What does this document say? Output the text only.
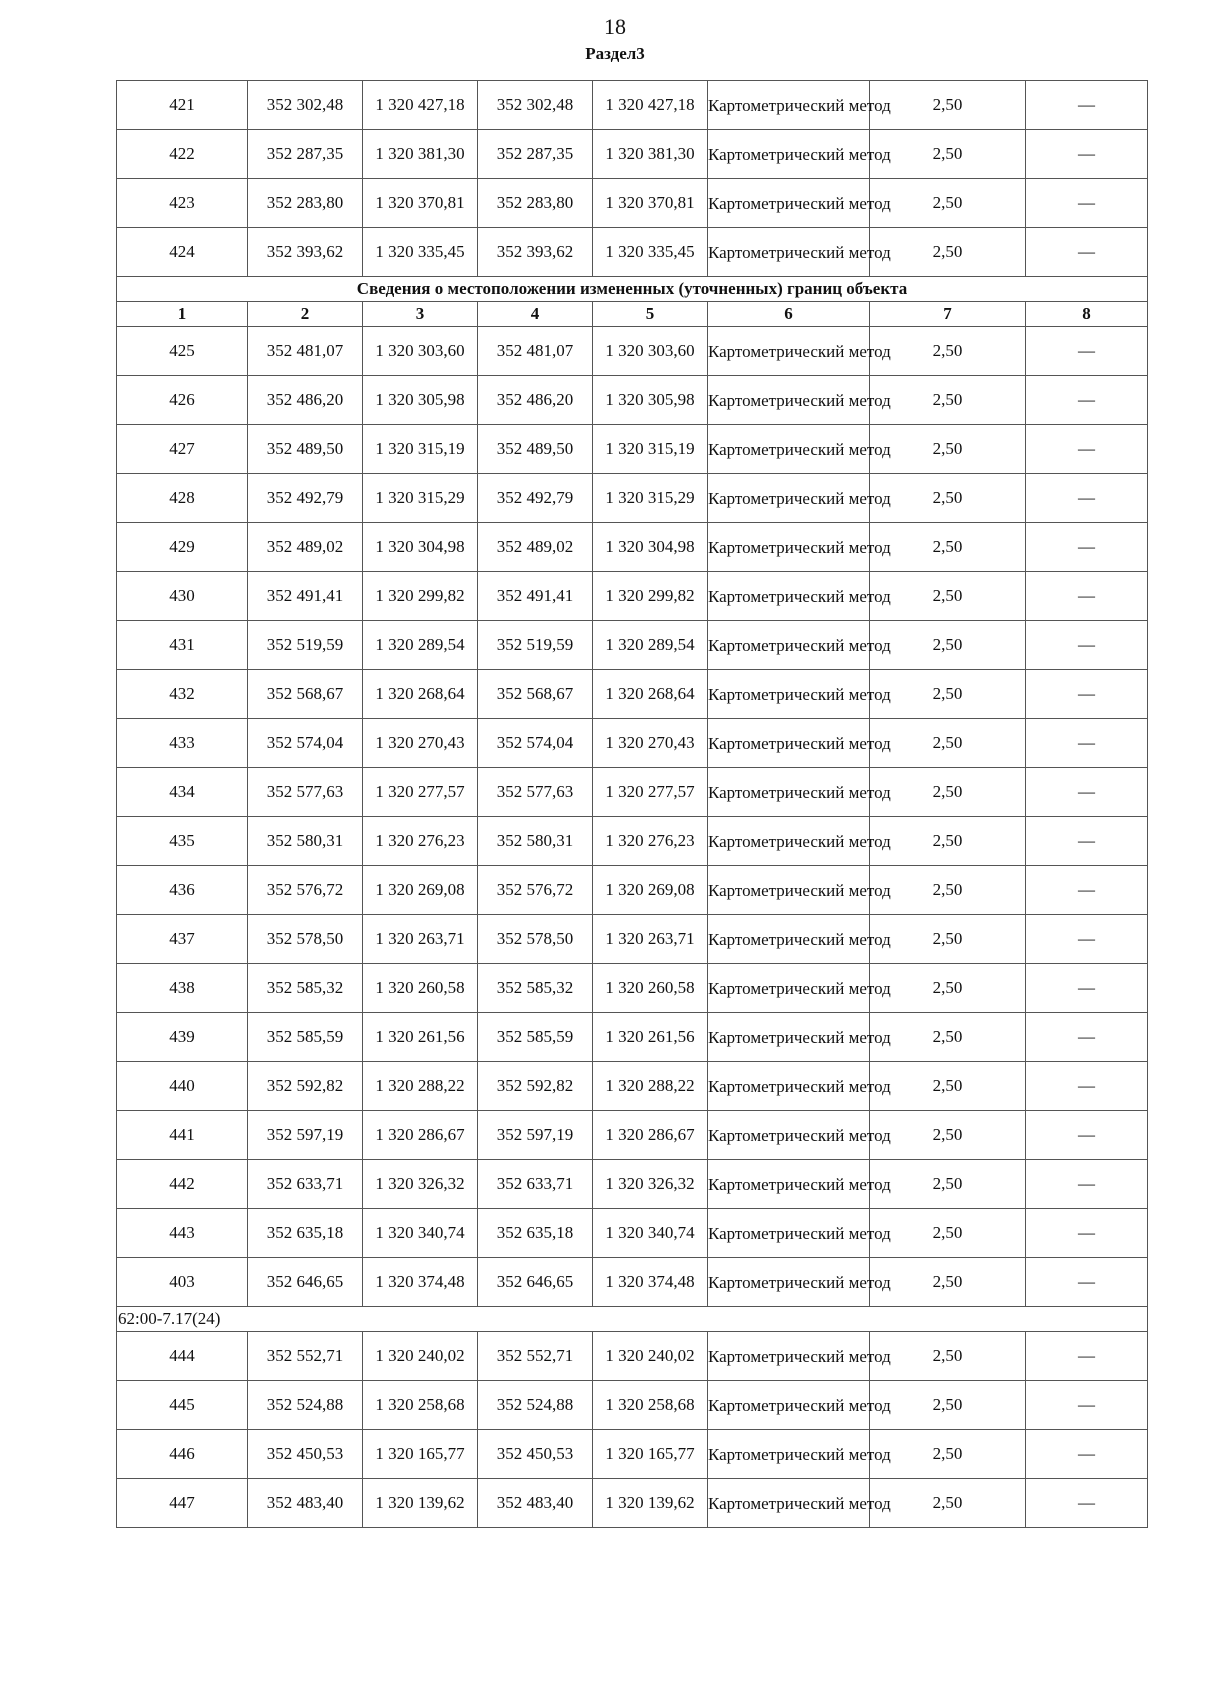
18
Раздел3
421	352 302,48	1 320 427,18	352 302,48	1 320 427,18	Картометрический метод	2,50	—
422	352 287,35	1 320 381,30	352 287,35	1 320 381,30	Картометрический метод	2,50	—
423	352 283,80	1 320 370,81	352 283,80	1 320 370,81	Картометрический метод	2,50	—
424	352 393,62	1 320 335,45	352 393,62	1 320 335,45	Картометрический метод	2,50	—
Сведения о местоположении измененных (уточненных) границ объекта							
1	2	3	4	5	6	7	8
425	352 481,07	1 320 303,60	352 481,07	1 320 303,60	Картометрический метод	2,50	—
426	352 486,20	1 320 305,98	352 486,20	1 320 305,98	Картометрический метод	2,50	—
427	352 489,50	1 320 315,19	352 489,50	1 320 315,19	Картометрический метод	2,50	—
428	352 492,79	1 320 315,29	352 492,79	1 320 315,29	Картометрический метод	2,50	—
429	352 489,02	1 320 304,98	352 489,02	1 320 304,98	Картометрический метод	2,50	—
430	352 491,41	1 320 299,82	352 491,41	1 320 299,82	Картометрический метод	2,50	—
431	352 519,59	1 320 289,54	352 519,59	1 320 289,54	Картометрический метод	2,50	—
432	352 568,67	1 320 268,64	352 568,67	1 320 268,64	Картометрический метод	2,50	—
433	352 574,04	1 320 270,43	352 574,04	1 320 270,43	Картометрический метод	2,50	—
434	352 577,63	1 320 277,57	352 577,63	1 320 277,57	Картометрический метод	2,50	—
435	352 580,31	1 320 276,23	352 580,31	1 320 276,23	Картометрический метод	2,50	—
436	352 576,72	1 320 269,08	352 576,72	1 320 269,08	Картометрический метод	2,50	—
437	352 578,50	1 320 263,71	352 578,50	1 320 263,71	Картометрический метод	2,50	—
438	352 585,32	1 320 260,58	352 585,32	1 320 260,58	Картометрический метод	2,50	—
439	352 585,59	1 320 261,56	352 585,59	1 320 261,56	Картометрический метод	2,50	—
440	352 592,82	1 320 288,22	352 592,82	1 320 288,22	Картометрический метод	2,50	—
441	352 597,19	1 320 286,67	352 597,19	1 320 286,67	Картометрический метод	2,50	—
442	352 633,71	1 320 326,32	352 633,71	1 320 326,32	Картометрический метод	2,50	—
443	352 635,18	1 320 340,74	352 635,18	1 320 340,74	Картометрический метод	2,50	—
403	352 646,65	1 320 374,48	352 646,65	1 320 374,48	Картометрический метод	2,50	—
62:00-7.17(24)							
444	352 552,71	1 320 240,02	352 552,71	1 320 240,02	Картометрический метод	2,50	—
445	352 524,88	1 320 258,68	352 524,88	1 320 258,68	Картометрический метод	2,50	—
446	352 450,53	1 320 165,77	352 450,53	1 320 165,77	Картометрический метод	2,50	—
447	352 483,40	1 320 139,62	352 483,40	1 320 139,62	Картометрический метод	2,50	—
